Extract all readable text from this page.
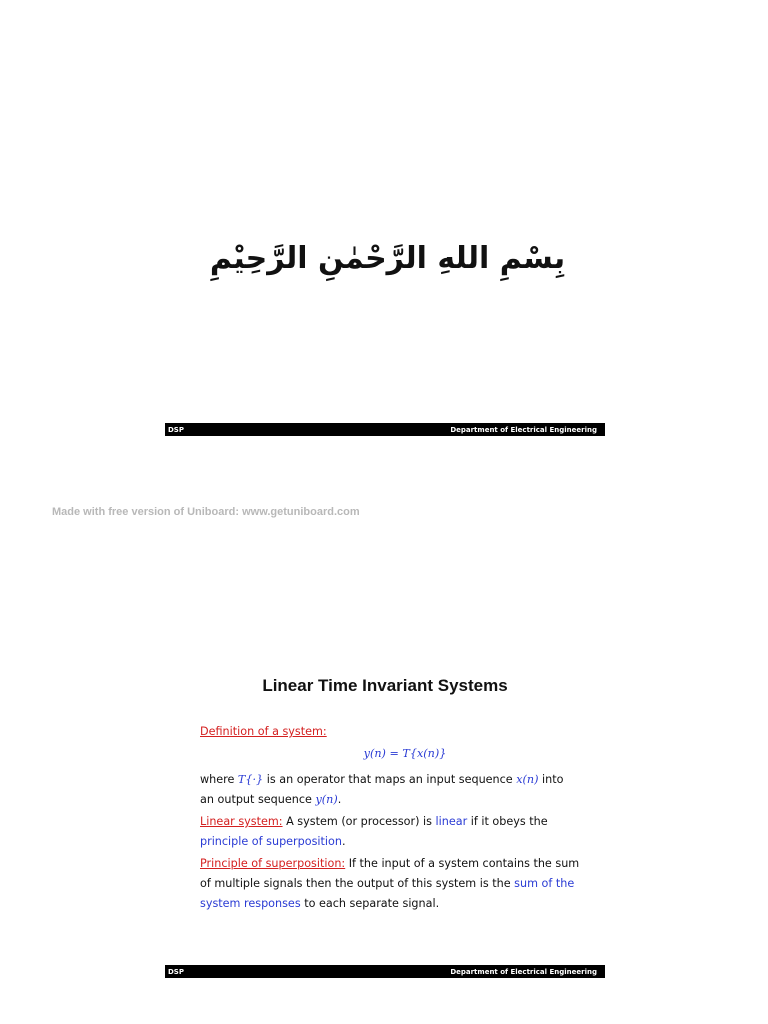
بِسْمِ اللهِ الرَّحْمٰنِ الرَّحِيْمِ
DSP	Department of Electrical Engineering
Made with free version of Uniboard: www.getuniboard.com
Linear Time Invariant Systems
Definition of a system:
y(n) = T{x(n)}
where T{·} is an operator that maps an input sequence x(n) into an output sequence y(n).
Linear system: A system (or processor) is linear if it obeys the principle of superposition.
Principle of superposition: If the input of a system contains the sum of multiple signals then the output of this system is the sum of the system responses to each separate signal.
DSP	Department of Electrical Engineering
